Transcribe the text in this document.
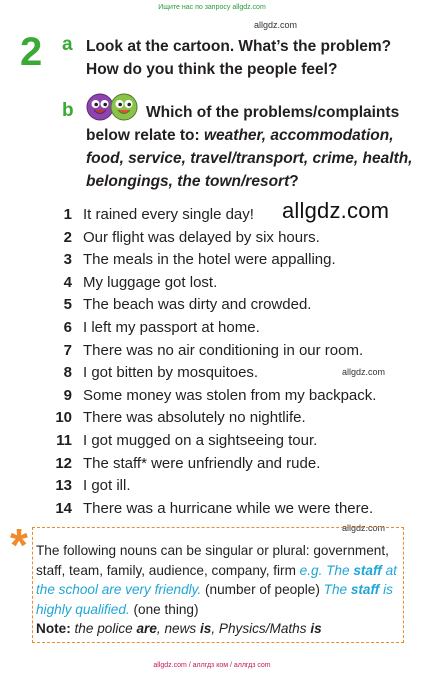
Ищите нас по запросу allgdz.com
allgdz.com
2 a Look at the cartoon. What’s the problem?
How do you think the people feel?
b	Which of the problems/complaints
below relate to: weather, accommodation,
food, service, travel/transport, crime, health,
belongings, the town/resort?
allgdz.com
allgdz.com
allgdz.com
1 It rained every single day!
2 Our flight was delayed by six hours.
3 The meals in the hotel were appalling.
4 My luggage got lost.
5 The beach was dirty and crowded.
6 I left my passport at home.
7 There was no air conditioning in our room.
8 I got bitten by mosquitoes.
9 Some money was stolen from my backpack.
10 There was absolutely no nightlife.
11 I got mugged on a sightseeing tour.
12 The staff* were unfriendly and rude.
13 I got ill.
14 There was a hurricane while we were there.
* The following nouns can be singular or plural: government, staff, team, family, audience, company, firm e.g. The staff at the school are very friendly. (number of people) The staff is highly qualified. (one thing)
Note: the police are, news is, Physics/Maths is
allgdz.com / аллгдз ком / аллгдз com
